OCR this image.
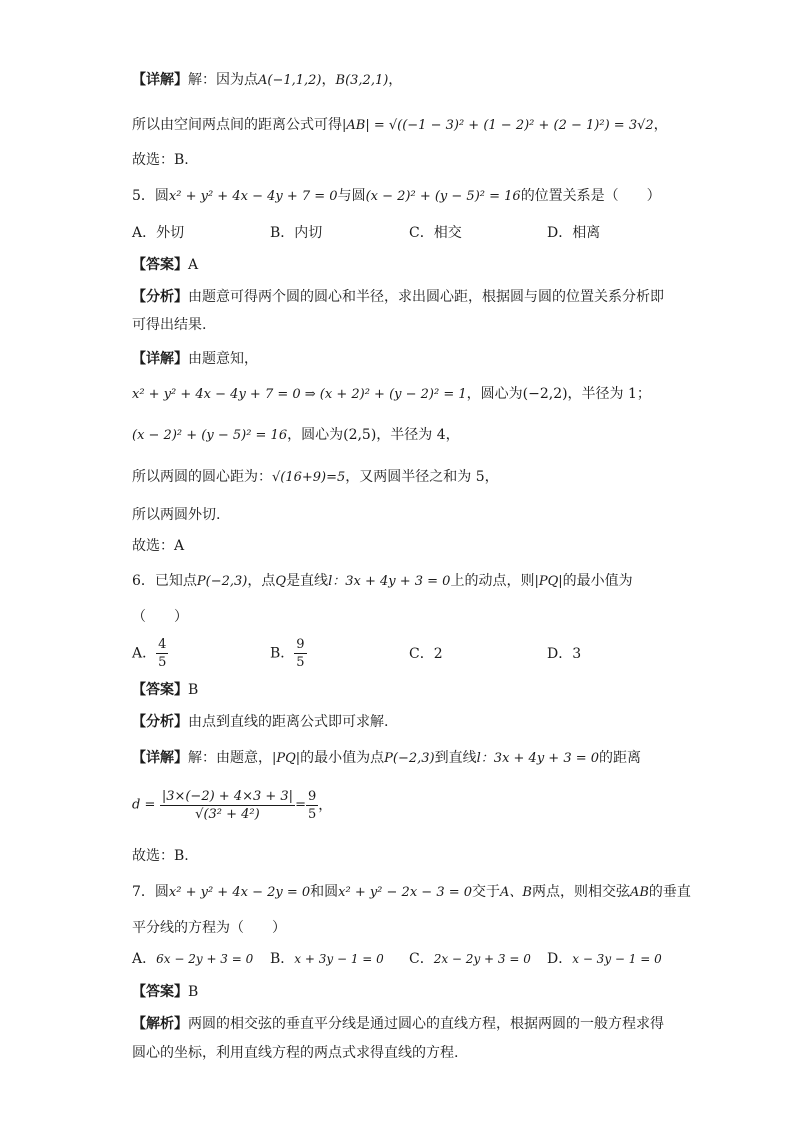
【详解】解：因为点A(−1,1,2)，B(3,2,1)，
所以由空间两点间的距离公式可得|AB| = √((−1 − 3)² + (1 − 2)² + (2 − 1)²) = 3√2，
故选：B.
5．圆x² + y² + 4x − 4y + 7 = 0与圆(x − 2)² + (y − 5)² = 16的位置关系是（　　）
A．外切	B．内切	C．相交	D．相离
【答案】A
【分析】由题意可得两个圆的圆心和半径，求出圆心距，根据圆与圆的位置关系分析即
可得出结果.
【详解】由题意知，
x² + y² + 4x − 4y + 7 = 0 ⇒ (x + 2)² + (y − 2)² = 1，圆心为(−2,2)，半径为 1；
(x − 2)² + (y − 5)² = 16，圆心为(2,5)，半径为 4，
所以两圆的圆心距为：√(16+9)=5，又两圆半径之和为 5，
所以两圆外切.
故选：A
6．已知点P(−2,3)，点Q是直线l：3x + 4y + 3 = 0上的动点，则|PQ|的最小值为
（　　）
A． $\frac{4}{5}$	B． $\frac{9}{5}$	C．2	D．3
【答案】B
【分析】由点到直线的距离公式即可求解.
【详解】解：由题意，|PQ|的最小值为点P(−2,3)到直线l：3x + 4y + 3 = 0的距离
$d = \frac{|3\times(-2) + 4\times 3 + 3|}{\text{√(3² + 4²)}} = \frac{9}{5}$ ，
故选：B.
7．圆x² + y² + 4x − 2y = 0和圆x² + y² − 2x − 3 = 0交于A、B两点，则相交弦AB的垂直
平分线的方程为（　　）
A．6x − 2y + 3 = 0 B．x + 3y − 1 = 0 C．2x − 2y + 3 = 0 D．x − 3y − 1 = 0
【答案】B
【解析】两圆的相交弦的垂直平分线是通过圆心的直线方程，根据两圆的一般方程求得
圆心的坐标，利用直线方程的两点式求得直线的方程.
